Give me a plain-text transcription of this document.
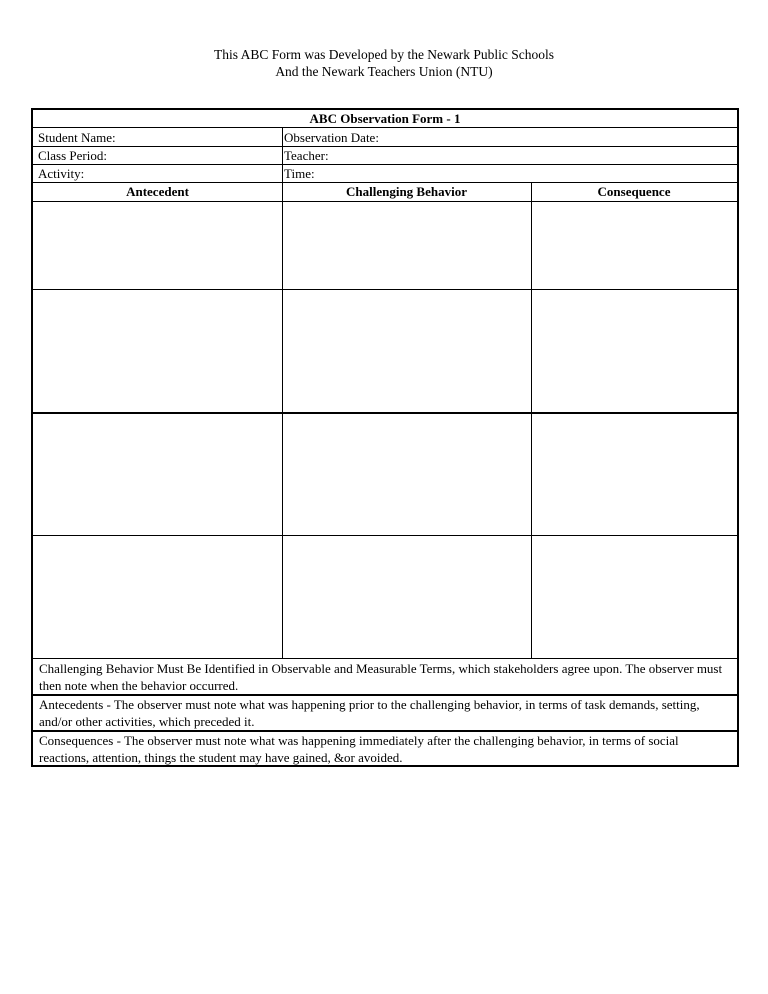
This ABC Form was Developed by the Newark Public Schools
And the Newark Teachers Union (NTU)
ABC Observation Form - 1
Student Name:	Observation Date:
Class Period:	Teacher:
Activity:	Time:
Antecedent	Challenging Behavior	Consequence
Challenging Behavior Must Be Identified in Observable and Measurable Terms, which stakeholders agree upon. The observer must then note when the behavior occurred.
Antecedents - The observer must note what was happening prior to the challenging behavior, in terms of task demands, setting, and/or other activities, which preceded it.
Consequences - The observer must note what was happening immediately after the challenging behavior, in terms of social reactions, attention, things the student may have gained, &or avoided.
